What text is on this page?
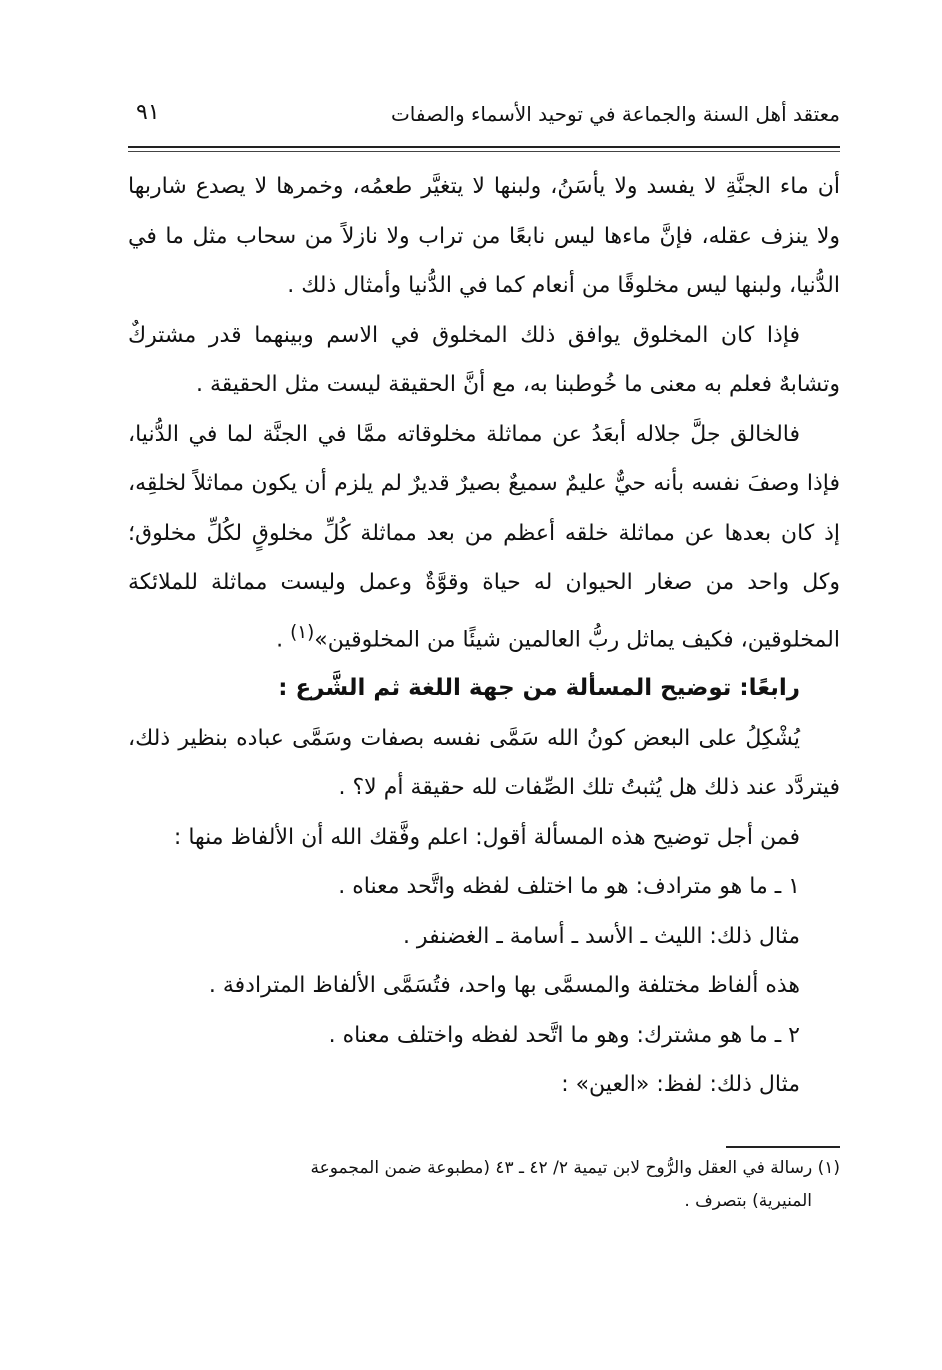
معتقد أهل السنة والجماعة في توحيد الأسماء والصفات
٩١

أن ماء الجنَّةِ لا يفسد ولا يأسَنُ، ولبنها لا يتغيَّر طعمُه، وخمرها لا يصدع شاربها ولا ينزف عقله، فإنَّ ماءها ليس نابعًا من تراب ولا نازلاً من سحاب مثل ما في الدُّنيا، ولبنها ليس مخلوقًا من أنعام كما في الدُّنيا وأمثال ذلك .

فإذا كان المخلوق يوافق ذلك المخلوق في الاسم وبينهما قدر مشتركٌ وتشابهٌ فعلم به معنى ما خُوطبنا به، مع أنَّ الحقيقة ليست مثل الحقيقة .

فالخالق جلَّ جلاله أبعَدُ عن مماثلة مخلوقاته ممَّا في الجنَّة لما في الدُّنيا، فإذا وصفَ نفسه بأنه حيٌّ عليمٌ سميعٌ بصيرٌ قديرٌ لم يلزم أن يكون مماثلاً لخلقِه، إذ كان بعدها عن مماثلة خلقه أعظم من بعد مماثلة كُلِّ مخلوقٍ لكُلِّ مخلوق؛ وكل واحد من صغار الحيوان له حياة وقوَّةٌ وعمل وليست مماثلة للملائكة المخلوقين، فكيف يماثل ربُّ العالمين شيئًا من المخلوقين»$^{(١)}$ .

رابعًا: توضيح المسألة من جهة اللغة ثم الشَّرع :

يُشْكِلُ على البعض كونُ الله سَمَّى نفسه بصفات وسَمَّى عباده بنظير ذلك، فيتردَّد عند ذلك هل يُثبتُ تلك الصِّفات لله حقيقة أم لا؟ .

فمن أجل توضيح هذه المسألة أقول: اعلم وفَّقك الله أن الألفاظ منها :

١ ـ ما هو مترادف: هو ما اختلف لفظه واتَّحد معناه .

مثال ذلك: الليث ـ الأسد ـ أسامة ـ الغضنفر .

هذه ألفاظ مختلفة والمسمَّى بها واحد، فتُسَمَّى الألفاظ المترادفة .

٢ ـ ما هو مشترك: وهو ما اتَّحد لفظه واختلف معناه .

مثال ذلك: لفظ: «العين» :

(١) رسالة في العقل والرُّوح لابن تيمية ٢/ ٤٢ ـ ٤٣ (مطبوعة ضمن المجموعة

المنيرية) بتصرف .
